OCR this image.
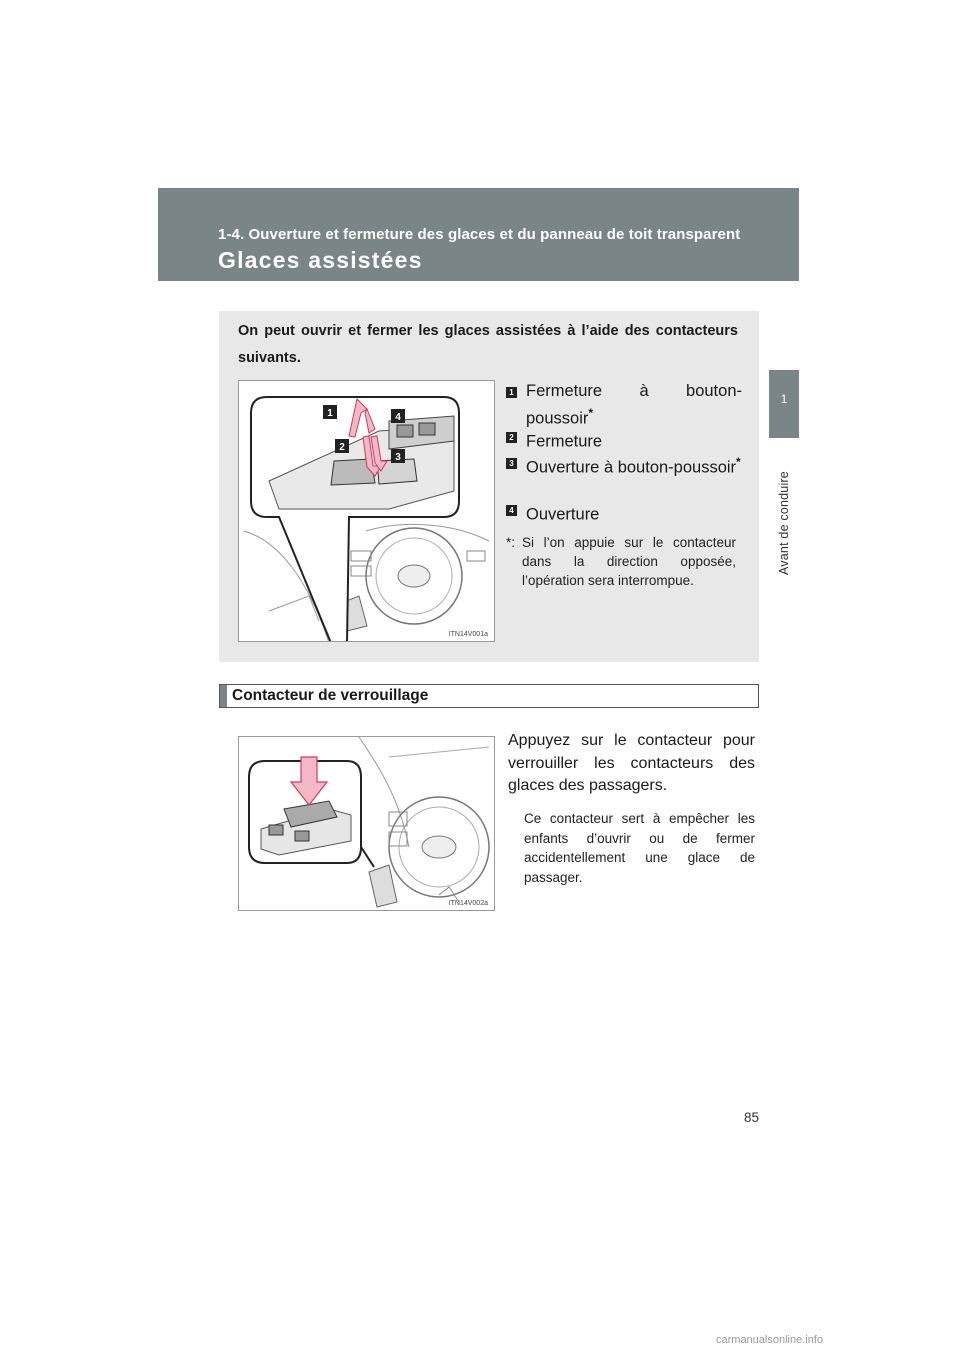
1-4. Ouverture et fermeture des glaces et du panneau de toit transparent
Glaces assistées
1
Avant de conduire
On peut ouvrir et fermer les glaces assistées à l’aide des contacteurs suivants.
1
2
3
4
ITN14V001a
1 Fermeture à bouton-poussoir*
2 Fermeture
3 Ouverture à bouton-poussoir*
4 Ouverture
*: Si l’on appuie sur le contacteur dans la direction opposée, l’opération sera interrompue.
Contacteur de verrouillage
ITN14V002a
Appuyez sur le contacteur pour verrouiller les contacteurs des glaces des passagers.
Ce contacteur sert à empêcher les enfants d’ouvrir ou de fermer accidentellement une glace de passager.
85
carmanualsonline.info
